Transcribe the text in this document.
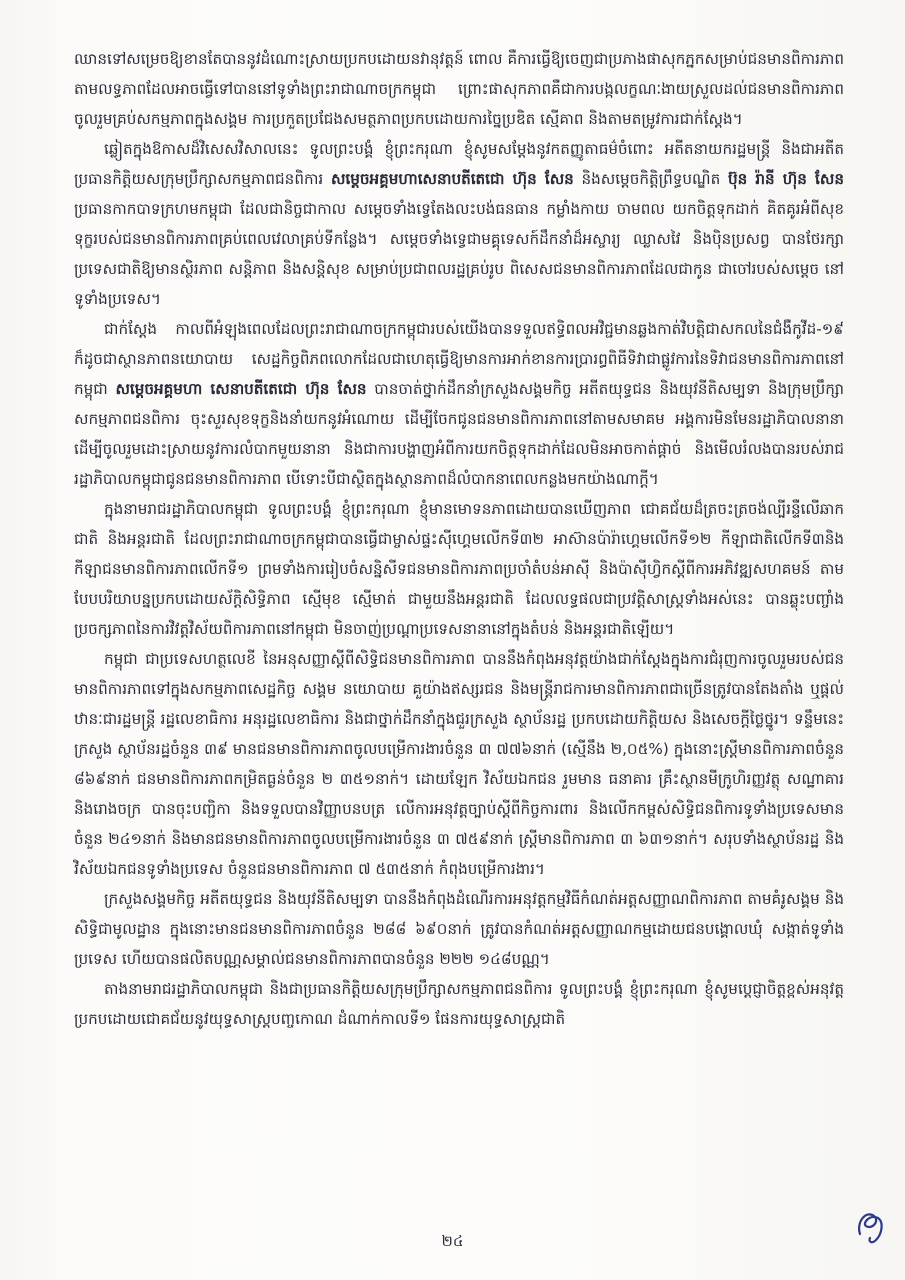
ឈានទៅសម្រេចឱ្យខានតែបាននូវដំណោះស្រាយប្រកបដោយនវានុវត្តន៍ ពោល គឺការធ្វើឱ្យចេញជាប្រភាងផាសុកភ្នកសម្រាប់ជនមានពិការភាពតាមលទ្ធភាពដែលអាចធ្វើទៅបាននៅទូទាំងព្រះរាជាណាចក្រកម្ពុជា ព្រោះផាសុកភាពគឺជាការបង្កលក្ខណៈងាយស្រួលដល់ជនមានពិការភាពចូលរួមគ្រប់សកម្មភាពក្នុងសង្គម ការប្រកួតប្រជែងសមត្ថភាពប្រកបដោយការច្នៃប្រឌិត ស្មើគាព និងតាមតម្រូវការជាក់ស្តែង។

ឆ្លៀតក្នុងឱកាសដ៏វិសេសវិសាលនេះ ទូលព្រះបង្គំ ខ្ញុំព្រះករុណា ខ្ញុំសូមសម្តែងនូវកតញ្ញូតាធម៌ចំពោះ អតីតនាយករដ្ឋមន្ត្រី និងជាអតីតប្រធានកិត្តិយសក្រុមប្រឹក្សាសកម្មភាពជនពិការ សម្តេចអគ្គមហាសេនាបតីតេជោ ហ៊ុន សែន និងសម្តេចកិត្តិព្រឹទ្ធបណ្ឌិត ប៊ុន រ៉ានី ហ៊ុន សែន ប្រធានកាកបាទក្រហមកម្ពុជា ដែលជានិច្ចជាកាល សម្តេចទាំងទ្វេតែងលះបង់ធនធាន កម្លាំងកាយ ចាមពល យកចិត្តទុកដាក់ គិតគូរអំពីសុខទុក្ខរបស់ជនមានពិការភាពគ្រប់ពេលវេលាគ្រប់ទីកន្លែង។ សម្តេចទាំងទ្វេជាមគ្គុទេសក៍ដឹកនាំដ៏អស្ចារ្យ ឈ្លាសវៃ និងប៉ិនប្រសព្វ បានថែរក្សាប្រទេសជាតិឱ្យមានស្ថិរភាព សន្តិភាព និងសន្តិសុខ សម្រាប់ប្រជាពលរដ្ឋគ្រប់រូប ពិសេសជនមានពិការភាពដែលជាកូន ជាចៅរបស់សម្តេច នៅទូទាំងប្រទេស។

ជាក់ស្តែង កាលពីអំឡុងពេលដែលព្រះរាជាណាចក្រកម្ពុជារបស់យើងបានទទួលឥទ្ធិពលអវិជ្ជមានឆ្លងកាត់វិបត្តិជាសកលនៃជំងឺកូវីដ-១៩ ក៏ដូចជាស្ថានភាពនយោបាយ សេដ្ឋកិច្ចពិភពលោកដែលជាហេតុធ្វើឱ្យមានការអាក់ខានការប្រារព្ធពិធីទិវាជាផ្លូវការនៃទិវាជនមានពិការភាពនៅកម្ពុជា សម្តេចអគ្គមហា សេនាបតីតេជោ ហ៊ុន សែន បានចាត់ថ្នាក់ដឹកនាំក្រសួងសង្គមកិច្ច អតីតយុទ្ធជន និងយុវនីតិសម្បទា និងក្រុមប្រឹក្សាសកម្មភាពជនពិការ ចុះសួរសុខទុក្ខនិងនាំយកនូវអំណោយ ដើម្បីចែកជូនជនមានពិការភាពនៅតាមសមាគម អង្គការមិនមែនរដ្ឋាភិបាលនានា ដើម្បីចូលរួមដោះស្រាយនូវការលំបាកមួយនានា និងជាការបង្ហាញអំពីការយកចិត្តទុកដាក់ដែលមិនអាចកាត់ផ្តាច់ និងមើលរំលងបានរបស់រាជរដ្ឋាភិបាលកម្ពុជាជូនជនមានពិការភាព បើទោះបីជាស្ថិតក្នុងស្ថានភាពដ៏លំបាកនាពេលកន្លងមកយ៉ាងណាក្តី។

ក្នុងនាមរាជរដ្ឋាភិបាលកម្ពុជា ទូលព្រះបង្គំ ខ្ញុំព្រះករុណា ខ្ញុំមានមោទនភាពដោយបានឃើញភាព ជោគជ័យដ៏ត្រចះត្រចង់ល្បីរន្ទឺលើឆាកជាតិ និងអន្តរជាតិ ដែលព្រះរាជាណាចក្រកម្ពុជាបានធ្វើជាម្ចាស់ផ្ទះស៊ីហ្គេមលើកទី៣២ អាស៊ានប៉ារ៉ាហ្គេមលើកទី១២ កីឡាជាតិលើកទី៣និងកីឡាជនមានពិការភាពលើកទី១ ព្រមទាំងការរៀបចំសន្និសីទជនមានពិការភាពប្រចាំតំបន់អាស៊ី និងប៉ាស៊ីហ្វិកស្តីពីការអភិវឌ្ឍសហគមន៍ តាមបែបបរិយាបន្នប្រកបដោយស័ក្តិសិទ្ធិភាព ស្មើមុខ ស្មើមាត់ ជាមួយនឹងអន្តរជាតិ ដែលលទ្ធផលជាប្រវត្តិសាស្ត្រទាំងអស់នេះ បានឆ្លុះបញ្ចាំងប្រចក្សភាពនៃការវិវត្តវិស័យពិការភាពនៅកម្ពុជា មិនចាញ់ប្រណ្តាប្រទេសនានានៅក្នុងតំបន់ និងអន្តរជាតិឡើយ។

កម្ពុជា ជាប្រទេសហត្ថលេខី នៃអនុសញ្ញាស្តីពីសិទ្ធិជនមានពិការភាព បាននឹងកំពុងអនុវត្តយ៉ាងជាក់ស្តែងក្នុងការជំរុញការចូលរួមរបស់ជនមានពិការភាពទៅក្នុងសកម្មភាពសេដ្ឋកិច្ច សង្គម នយោបាយ គួយ៉ាងឥស្សរជន និងមន្ត្រីរាជការមានពិការភាពជាច្រើនត្រូវបានតែងតាំង ឬផ្តល់ឋានៈជារដ្ឋមន្ត្រី រដ្ឋលេខាធិការ អនុរដ្ឋលេខាធិការ និងជាថ្នាក់ដឹកនាំក្នុងជួរក្រសួង ស្ថាប័នរដ្ឋ ប្រកបដោយកិត្តិយស និងសេចក្តីថ្លៃថ្នូរ។ ទន្ទឹមនេះ ក្រសួង ស្ថាប័នរដ្ឋចំនួន ៣៩ មានជនមានពិការភាពចូលបម្រើការងារចំនួន ៣ ៧៧៦នាក់ (ស្មើនឹង ២,០៥%) ក្នុងនោះស្ត្រីមានពិការភាពចំនួន ៨៦៩នាក់ ជនមានពិការភាពកម្រិតធ្ងន់ចំនួន ២ ៣៥១នាក់។ ដោយឡែក វិស័យឯកជន រួមមាន ធនាគារ គ្រឹះស្ថានមីក្រូហិរញ្ញវត្ថុ សណ្ឋាគារ និងរោងចក្រ បានចុះបញ្ជិកា និងទទួលបានវិញ្ញាបនបត្រ លើការអនុវត្តច្បាប់ស្តីពីកិច្ចការពារ និងលើកកម្ពស់សិទ្ធិជនពិការទូទាំងប្រទេសមានចំនួន ២៤១នាក់ និងមានជនមានពិការភាពចូលបម្រើការងារចំនួន ៣ ៧៥៩នាក់ ស្ត្រីមានពិការភាព ៣ ៦៣១នាក់។ សរុបទាំងស្ថាប័នរដ្ឋ និងវិស័យឯកជនទូទាំងប្រទេស ចំនួនជនមានពិការភាព ៧ ៥៣៥នាក់ កំពុងបម្រើការងារ។

ក្រសួងសង្គមកិច្ច អតីតយុទ្ធជន និងយុវនីតិសម្បទា បាននឹងកំពុងដំណើរការអនុវត្តកម្មវិធីកំណត់អត្តសញ្ញាណពិការភាព តាមគំរូសង្គម និងសិទ្ធិជាមូលដ្ឋាន ក្នុងនោះមានជនមានពិការភាពចំនួន ២៨៨ ៦៩០នាក់ ត្រូវបានកំណត់អត្តសញ្ញាណកម្មដោយជនបង្គោលឃុំ សង្កាត់ទូទាំងប្រទេស ហើយបានផលិតបណ្ណសម្គាល់ជនមានពិការភាពបានចំនួន ២២២ ១៤៨បណ្ណ។

តាងនាមរាជរដ្ឋាភិបាលកម្ពុជា និងជាប្រធានកិត្តិយសក្រុមប្រឹក្សាសកម្មភាពជនពិការ ទូលព្រះបង្គំ ខ្ញុំព្រះករុណា ខ្ញុំសូមប្តេជ្ញាចិត្តខ្ពស់អនុវត្តប្រកបដោយជោគជ័យនូវយុទ្ធសាស្ត្របញ្ចកោណ ដំណាក់កាលទី១ ផែនការយុទ្ធសាស្ត្រជាតិ

២៤
